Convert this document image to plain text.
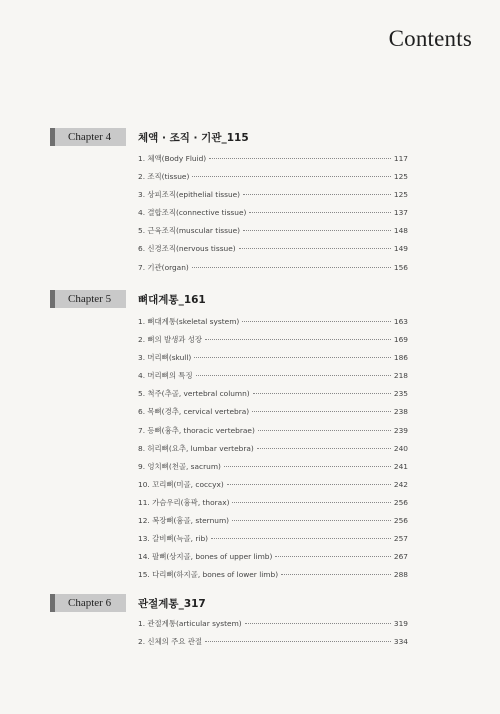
Contents
Chapter 4	체액 · 조직 · 기관_115
1. 체액(Body Fluid)	117
2. 조직(tissue)	125
3. 상피조직(epithelial tissue)	125
4. 결합조직(connective tissue)	137
5. 근육조직(muscular tissue)	148
6. 신경조직(nervous tissue)	149
7. 기관(organ)	156
Chapter 5	뼈대계통_161
1. 뼈대계통(skeletal system)	163
2. 뼈의 발생과 성장	169
3. 머리뼈(skull)	186
4. 머리뼈의 특징	218
5. 척주(추골, vertebral column)	235
6. 목뼈(경추, cervical vertebra)	238
7. 등뼈(흉추, thoracic vertebrae)	239
8. 허리뼈(요추, lumbar vertebra)	240
9. 엉치뼈(천골, sacrum)	241
10. 꼬리뼈(미골, coccyx)	242
11. 가슴우리(흉곽, thorax)	256
12. 복장뼈(흉골, sternum)	256
13. 갈비뼈(늑골, rib)	257
14. 팔뼈(상지골, bones of upper limb)	267
15. 다리뼈(하지골, bones of lower limb)	288
Chapter 6	관절계통_317
1. 관절계통(articular system)	319
2. 신체의 주요 관절	334
